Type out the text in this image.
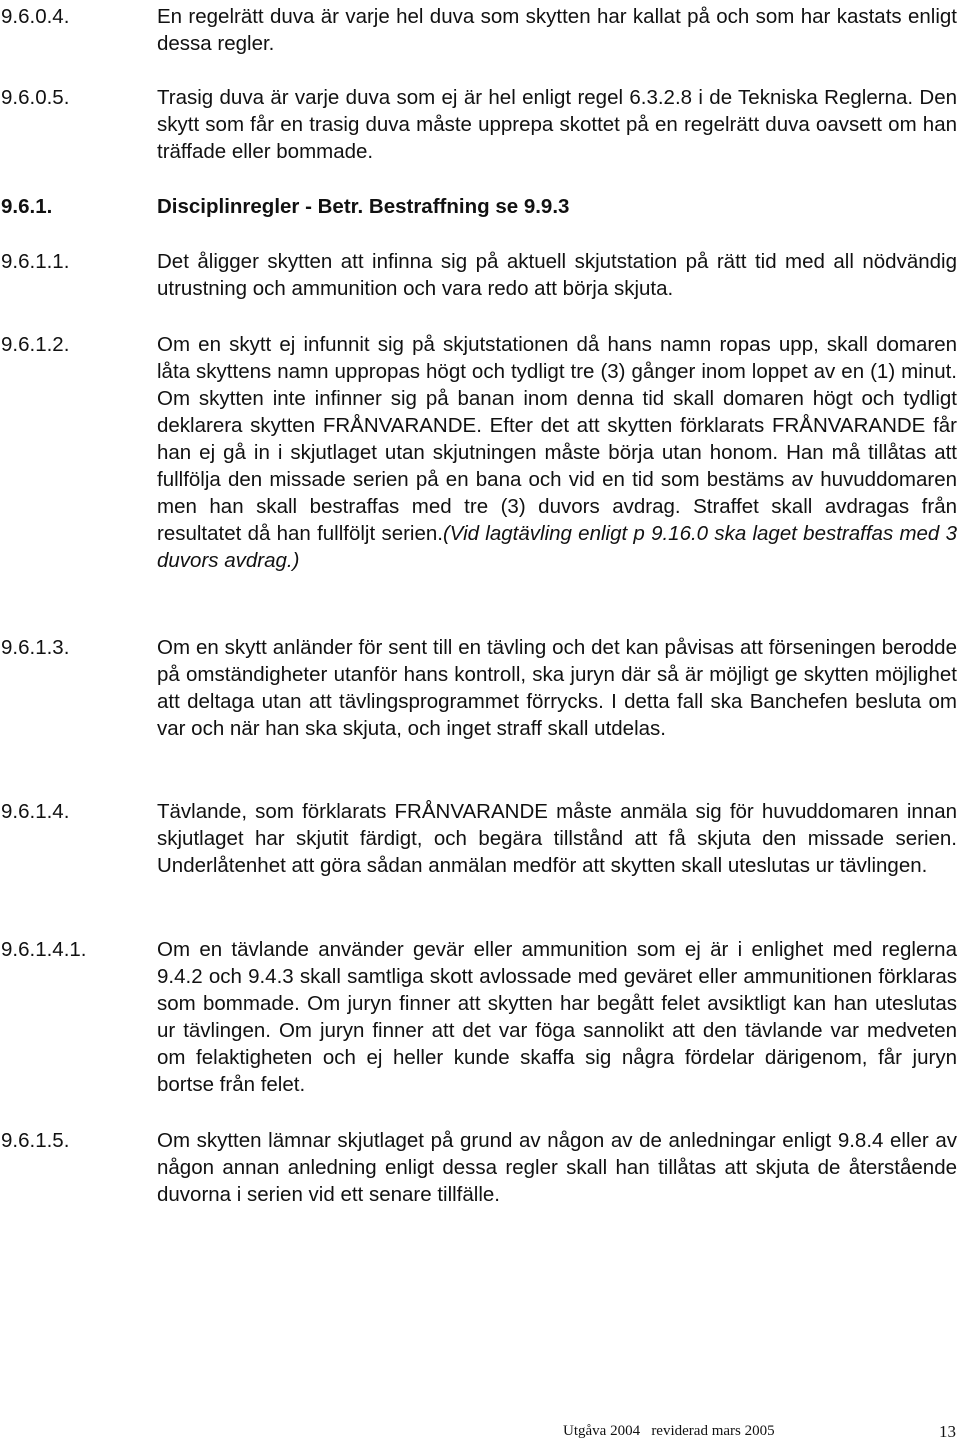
9.6.0.4.	En regelrätt duva är varje hel duva som skytten har kallat på och som har kastats enligt dessa regler.
9.6.0.5.	Trasig duva är varje duva som ej är hel enligt regel 6.3.2.8 i de Tekniska Reglerna. Den skytt som får en trasig duva måste upprepa skottet på en regelrätt duva oavsett om han träffade eller bommade.
9.6.1.	Disciplinregler - Betr. Bestraffning se 9.9.3
9.6.1.1.	Det åligger skytten att infinna sig på aktuell skjutstation på rätt tid med all nödvändig utrustning och ammunition och vara redo att börja skjuta.
9.6.1.2.	Om en skytt ej infunnit sig på skjutstationen då hans namn ropas upp, skall domaren låta skyttens namn uppropas högt och tydligt tre (3) gånger inom loppet av en (1) minut. Om skytten inte infinner sig på banan inom denna tid skall domaren högt och tydligt deklarera skytten FRÅNVARANDE. Efter det att skytten förklarats FRÅNVARANDE får han ej gå in i skjutlaget utan skjutningen måste börja utan honom. Han må tillåtas att fullfölja den missade serien på en bana och vid en tid som bestäms av huvuddomaren men han skall bestraffas med tre (3) duvors avdrag. Straffet skall avdragas från resultatet då han fullföljt serien.(Vid lagtävling enligt p 9.16.0 ska laget bestraffas med 3 duvors avdrag.)
9.6.1.3.	Om en skytt anländer för sent till en tävling och det kan påvisas att förseningen berodde på omständigheter utanför hans kontroll, ska juryn där så är möjligt ge skytten möjlighet att deltaga utan att tävlingsprogrammet förrycks. I detta fall ska Banchefen besluta om var och när han ska skjuta, och inget straff skall utdelas.
9.6.1.4.	Tävlande, som förklarats FRÅNVARANDE måste anmäla sig för huvuddomaren innan skjutlaget har skjutit färdigt, och begära tillstånd att få skjuta den missade serien. Underlåtenhet att göra sådan anmälan medför att skytten skall uteslutas ur tävlingen.
9.6.1.4.1.	Om en tävlande använder gevär eller ammunition som ej är i enlighet med reglerna 9.4.2 och 9.4.3 skall samtliga skott avlossade med geväret eller ammunitionen förklaras som bommade. Om juryn finner att skytten har begått felet avsiktligt kan han uteslutas ur tävlingen. Om juryn finner att det var föga sannolikt att den tävlande var medveten om felaktigheten och ej heller kunde skaffa sig några fördelar därigenom, får juryn bortse från felet.
9.6.1.5.	Om skytten lämnar skjutlaget på grund av någon av de anledningar enligt 9.8.4 eller av någon annan anledning enligt dessa regler skall han tillåtas att skjuta de återstående duvorna i serien vid ett senare tillfälle.
Utgåva 2004   reviderad mars 2005	13
